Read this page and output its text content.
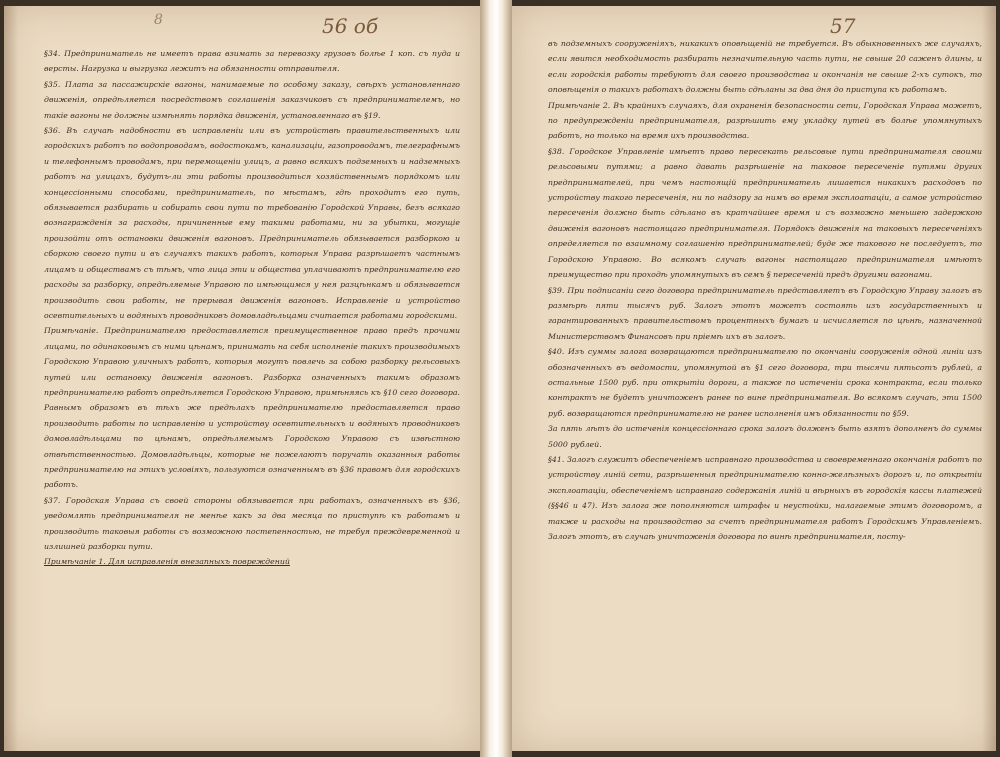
8	56 об

§34. Предприниматель не имеетъ права взимать за перевозку грузовъ болѣе 1 коп. съ пуда и версты. Нагрузка и выгрузка лежитъ на обязанности отправителя.

§35. Плата за пассажирскіе вагоны, нанимаемые по особому заказу, свѣрхъ установленнаго движенія, опредѣляется посредствомъ соглашенія заказчиковъ съ предпринимателемъ, но такіе вагоны не должны измѣнять порядка движенія, установленнаго въ §19.

§36. Въ случаѣ надобности въ исправленіи или въ устройствѣ правительственныхъ или городскихъ работъ по водопроводамъ, водостокамъ, канализаціи, газопроводамъ, телеграфнымъ и телефоннымъ проводамъ, при перемощеніи улицъ, а равно всякихъ подземныхъ и надземныхъ работъ на улицахъ, будутъ-ли эти работы производиться хозяйственнымъ порядкомъ или концессіонными способами, предприниматель, по мѣстамъ, гдѣ проходитъ его путь, обязывается разбирать и собирать свои пути по требованію Городской Управы, безъ всякаго вознагражденія за расходы, причиненные ему такими работами, ни за убытки, могущіе произойти отъ остановки движенія вагоновъ. Предприниматель обязывается разборкою и сборкою своего пути и въ случаяхъ такихъ работъ, которыя Управа разрѣшаетъ частнымъ лицамъ и обществамъ съ тѣмъ, что лица эти и общества уплачиваютъ предпринимателю его расходы за разборку, опредѣляемые Управою по имѣющимся у нея разцѣнкамъ и обязывается производить свои работы, не прерывая движенія вагоновъ. Исправленіе и устройство осевтительныхъ и водяныхъ проводниковъ домовладѣльцами считается работами городскими.

Примѣчаніе. Предпринимателю предоставляется преимущественное право предъ прочими лицами, по одинаковымъ съ ними цѣнамъ, принимать на себя исполненіе такихъ производимыхъ Городскою Управою уличныхъ работъ, которыя могутъ повлечь за собою разборку рельсовыхъ путей или остановку движенія вагоновъ. Разборка означенныхъ такимъ образомъ предпринимателю работъ опредѣляется Городскою Управою, примѣняясь къ §10 сего договора. Равнымъ образомъ въ тѣхъ же предѣлахъ предпринимателю предоставляется право производить работы по исправленію и устройству осевтительныхъ и водяныхъ проводниковъ домовладѣльцами по цѣнамъ, опредѣляемымъ Городскою Управою съ извѣстною отвѣтственностью. Домовладѣльцы, которые не пожелаютъ поручать оказанныя работы предпринимателю на этихъ условіяхъ, пользуются означеннымъ въ §36 правомъ для городскихъ работъ.

§37. Городская Управа съ своей стороны обязывается при работахъ, означенныхъ въ §36, уведомлять предпринимателя не менѣе какъ за два месяца по приступѣ къ работамъ и производить таковыя работы съ возможною постепенностью, не требуя преждевременной и излишней разборки пути.

Примѣчаніе 1. Для исправленія внезапныхъ повреждений

57

въ подземныхъ сооруженіяхъ, никакихъ оповѣщеній не требуется. Въ обыкновенныхъ же случаяхъ, если явится необходимость разбирать незначительную часть пути, не свыше 20 саженъ длины, и если городскія работы требуютъ для своего производства и окончанія не свыше 2-хъ сутокъ, то оповѣщенія о такихъ работахъ должны быть сдѣланы за два дня до приступа къ работамъ.

Примѣчаніе 2. Въ крайнихъ случаяхъ, для охраненія безопасности сети, Городская Управа можетъ, по предупрежденіи предпринимателя, разрѣшить ему укладку путей въ болѣе упомянутыхъ работъ, но только на время ихъ производства.

§38. Городское Управленіе имѣетъ право пересекать рельсовые пути предпринимателя своими рельсовыми путями; а равно давать разрѣшеніе на таковое пересеченіе путями других предпринимателей, при чемъ настоящій предприниматель лишается никакихъ расходовъ по устройству такого пересеченія, ни по надзору за нимъ во время эксплоатаціи, а самое устройство пересеченія должно быть сдѣлано въ кратчайшее время и съ возможно меньшею задержкою движенія вагоновъ настоящаго предпринимателя. Порядокъ движенія на таковыхъ пересеченіяхъ определяется по взаимному соглашенію предпринимателей; буде же такового не последуетъ, то Городскою Управою. Во всякомъ случаѣ вагоны настоящаго предпринимателя имѣютъ преимущество при проходѣ упомянутыхъ въ семъ § пересеченій предъ другими вагонами.

§39. При подписаніи сего договора предприниматель представляетъ въ Городскую Управу залогъ въ размѣрѣ пяти тысячъ руб. Залогъ этотъ можетъ состоять изъ государственныхъ и гарантированныхъ правительствомъ процентныхъ бумагъ и исчисляется по цѣнѣ, назначенной Министерствомъ Финансовъ при пріемѣ ихъ въ залогъ.

§40. Изъ суммы залога возвращаются предпринимателю по окончаніи сооруженія одной линіи изъ обозначенныхъ въ ведомости, упомянутой въ §1 сего договора, три тысячи пятьсотъ рублей, а остальные 1500 руб. при открытіи дороги, а также по истеченіи срока контракта, если только контрактъ не будетъ уничтоженъ ранее по вине предпринимателя. Во всякомъ случаѣ, эти 1500 руб. возвращаются предпринимателю не ранее исполненія имъ обязанности по §59.

За пять лѣтъ до истеченія концессіоннаго срока залогъ долженъ быть взятъ дополненъ до суммы 5000 рублей.

§41. Залогъ служитъ обеспеченіемъ исправнаго производства и своевременнаго окончанія работъ по устройству линій сети, разрѣшенныя предпринимателю конно-желѣзныхъ дорогъ и, по открытіи эксплоатаціи, обеспеченіемъ исправнаго содержанія линій и вѣрныхъ въ городскія кассы платежей (§§46 и 47). Изъ залога же пополняются штрафы и неустойки, налагаемые этимъ договоромъ, а также и расходы на производство за счетъ предпринимателя работъ Городскимъ Управленіемъ. Залогъ этотъ, въ случаѣ уничтоженія договора по винѣ предпринимателя, посту-
